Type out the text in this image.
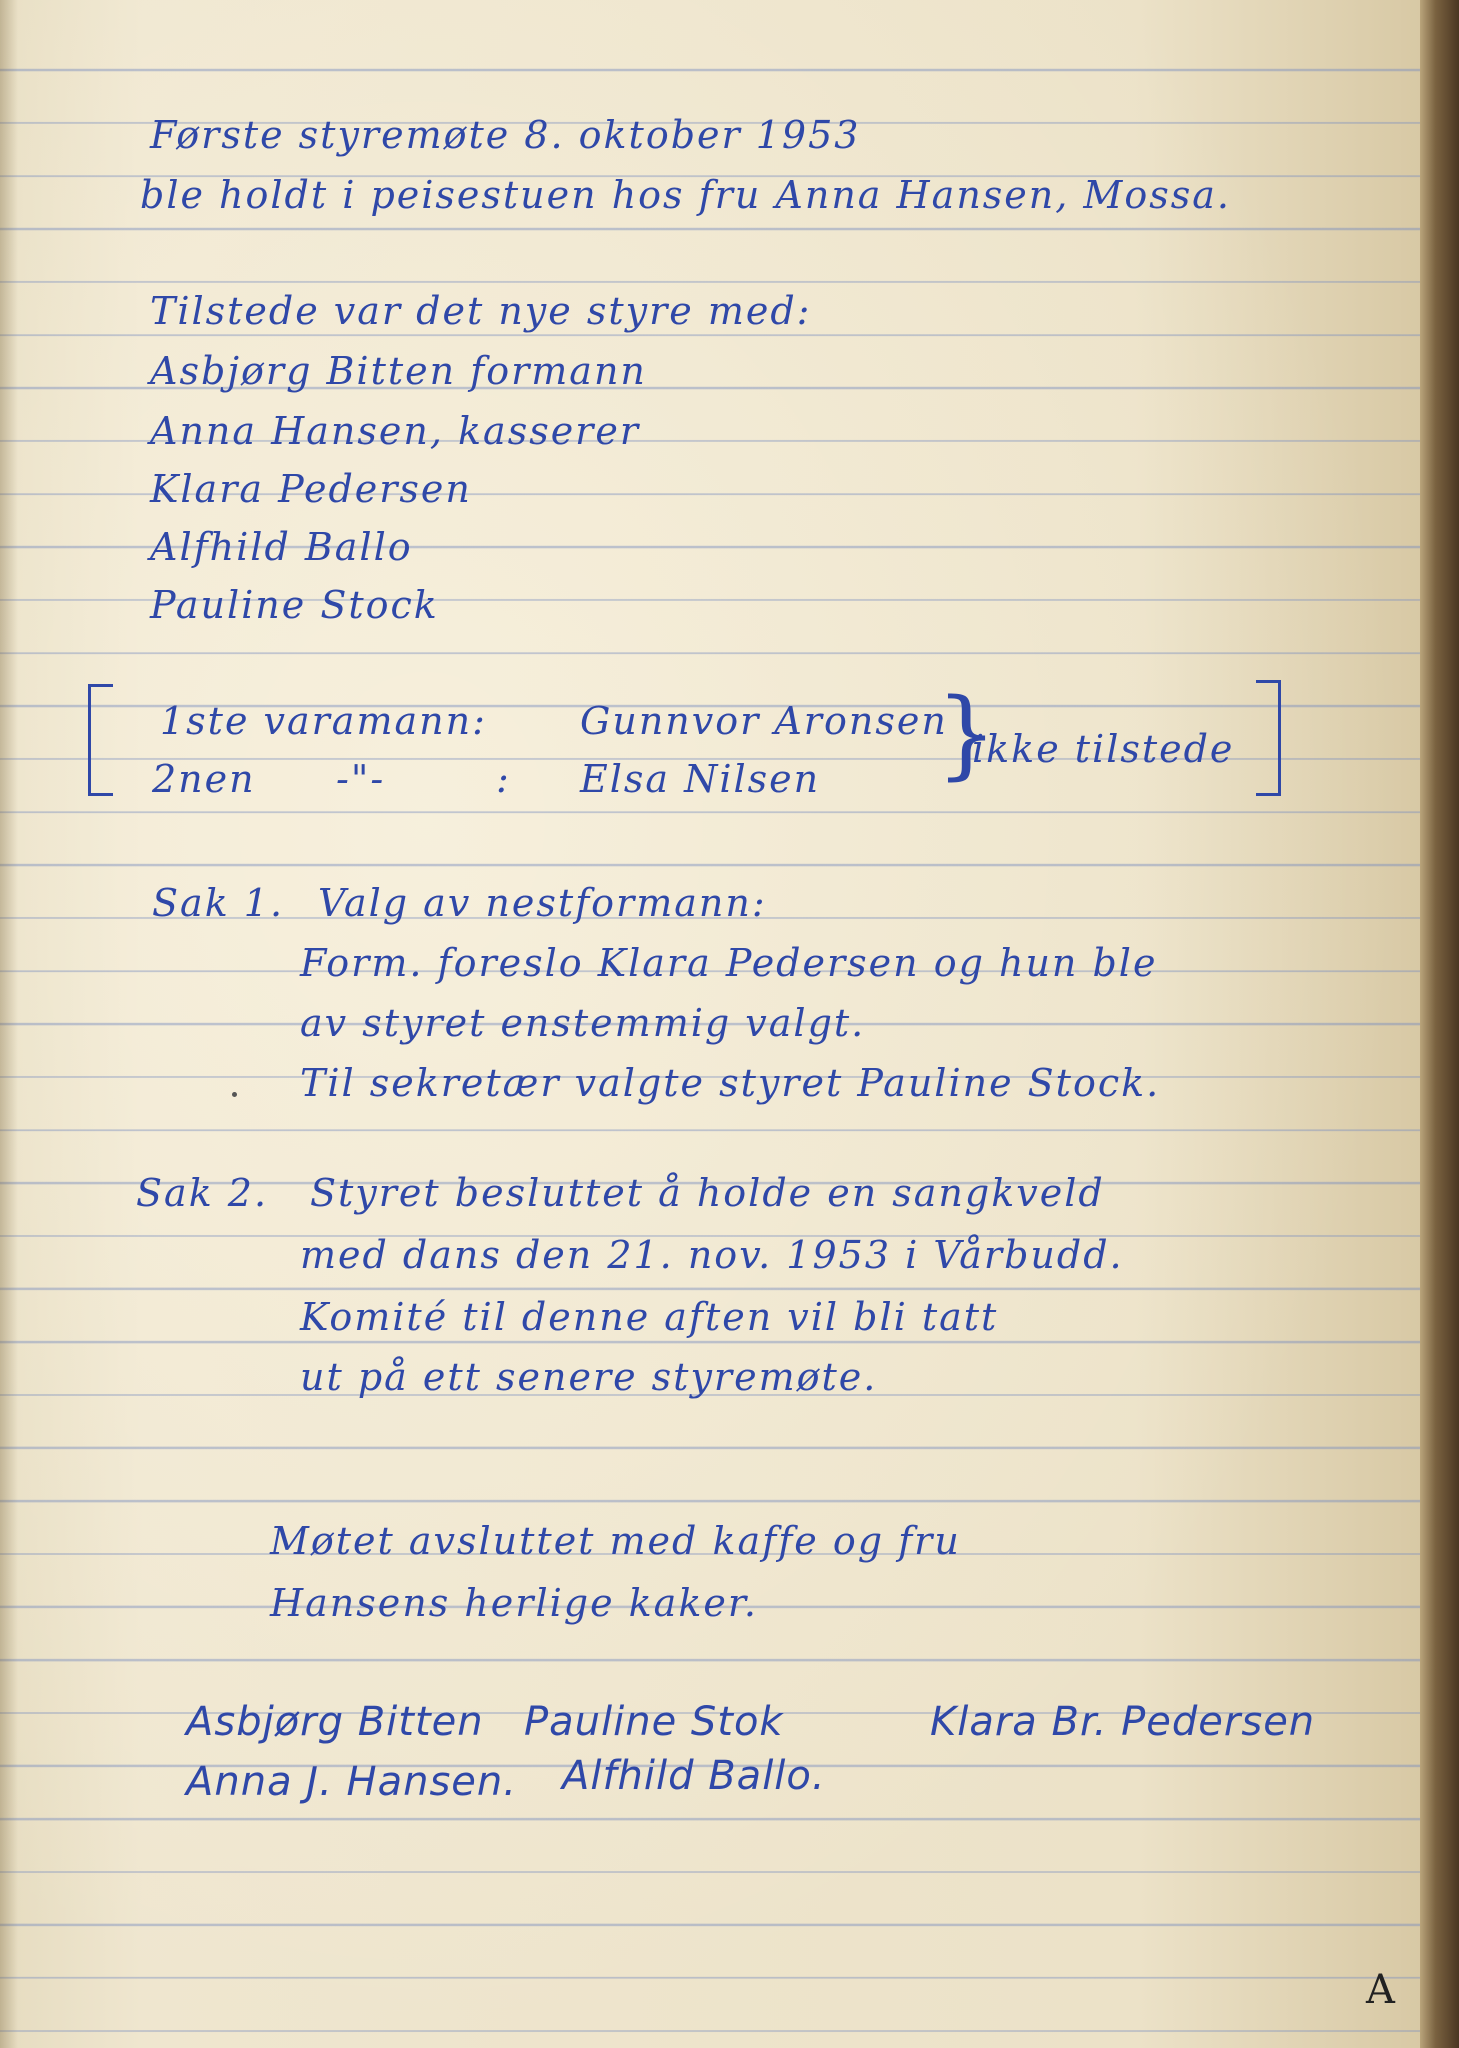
Første styremøte 8. oktober 1953
ble holdt i peisestuen hos fru Anna Hansen, Mossa.
Tilstede var det nye styre med:
Asbjørg Bitten formann
Anna Hansen, kasserer
Klara Pedersen
Alfhild Ballo
Pauline Stock
1ste varamann: Gunnvor Aronsen
2nen -"-	: Elsa Nilsen }
ikke tilstede
Sak 1. Valg av nestformann:
Form. foreslo Klara Pedersen og hun ble
av styret enstemmig valgt.
Til sekretær valgte styret Pauline Stock.
Sak 2. Styret besluttet å holde en sangkveld
med dans den 21. nov. 1953 i Vårbudd.
Komité til denne aften vil bli tatt
ut på ett senere styremøte.
Møtet avsluttet med kaffe og fru
Hansens herlige kaker.
Asbjørg Bitten Pauline Stok	Klara Br. Pedersen
Anna J. Hansen. Alfhild Ballo.
A
